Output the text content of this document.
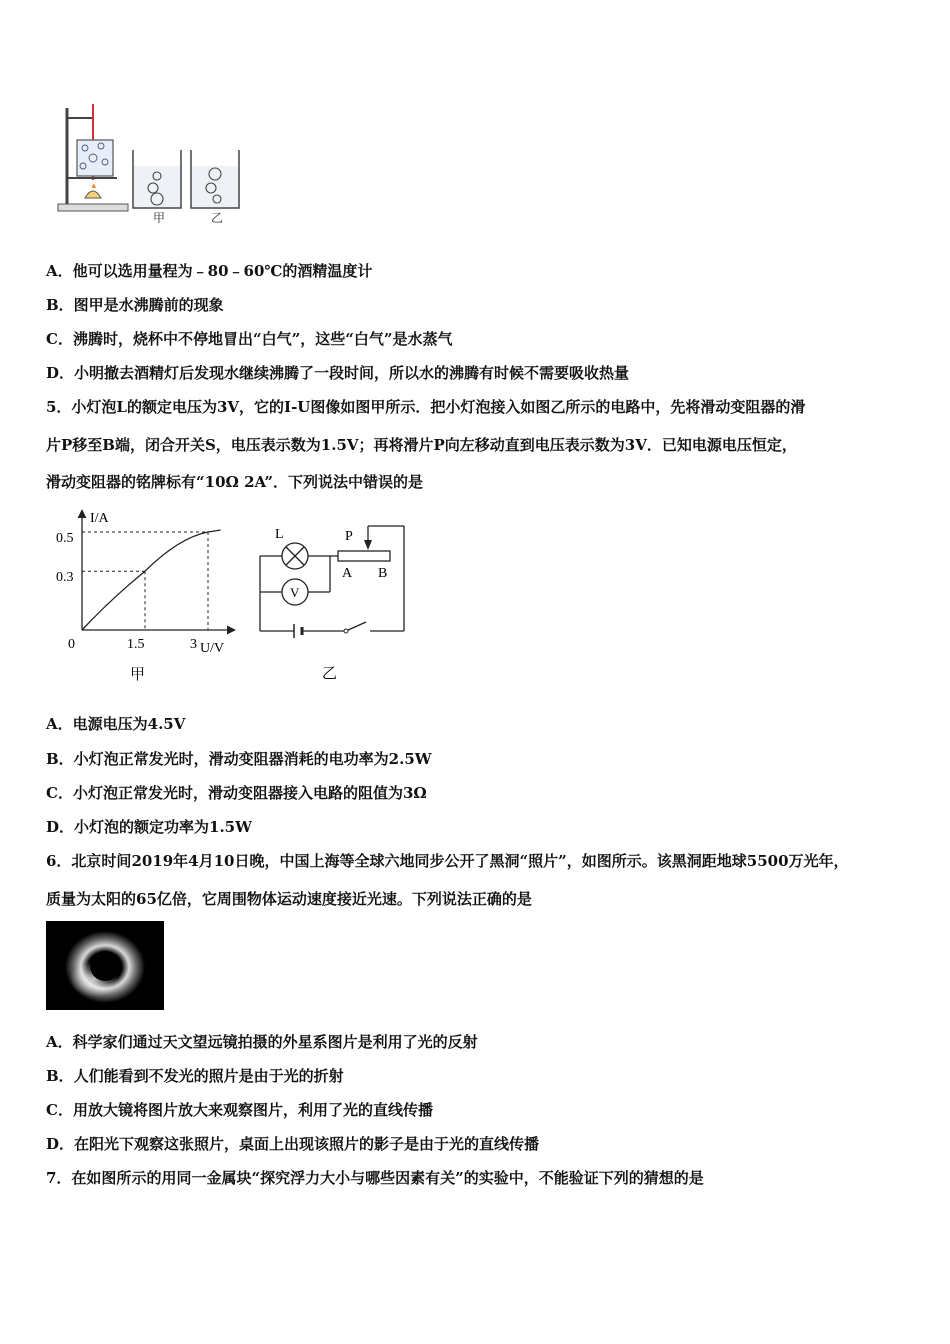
甲	乙
A．他可以选用量程为﹣80﹣60℃的酒精温度计
B．图甲是水沸腾前的现象
C．沸腾时，烧杯中不停地冒出“白气”，这些“白气”是水蒸气
D．小明撤去酒精灯后发现水继续沸腾了一段时间，所以水的沸腾有时候不需要吸收热量
5．小灯泡L的额定电压为3V，它的I-U图像如图甲所示．把小灯泡接入如图乙所示的电路中，先将滑动变阻器的滑
片P移至B端，闭合开关S，电压表示数为1.5V；再将滑片P向左移动直到电压表示数为3V．已知电源电压恒定，
滑动变阻器的铭牌标有“10Ω 2A”．下列说法中错误的是
I/A
U/V
0
0.5
0.3
1.5	3
甲
L	P
A B
V
乙
A．电源电压为4.5V
B．小灯泡正常发光时，滑动变阻器消耗的电功率为2.5W
C．小灯泡正常发光时，滑动变阻器接入电路的阻值为3Ω
D．小灯泡的额定功率为1.5W
6．北京时间2019年4月10日晚，中国上海等全球六地同步公开了黑洞“照片”，如图所示。该黑洞距地球5500万光年，
质量为太阳的65亿倍，它周围物体运动速度接近光速。下列说法正确的是
A．科学家们通过天文望远镜拍摄的外星系图片是利用了光的反射
B．人们能看到不发光的照片是由于光的折射
C．用放大镜将图片放大来观察图片，利用了光的直线传播
D．在阳光下观察这张照片，桌面上出现该照片的影子是由于光的直线传播
7．在如图所示的用同一金属块“探究浮力大小与哪些因素有关”的实验中，不能验证下列的猜想的是
